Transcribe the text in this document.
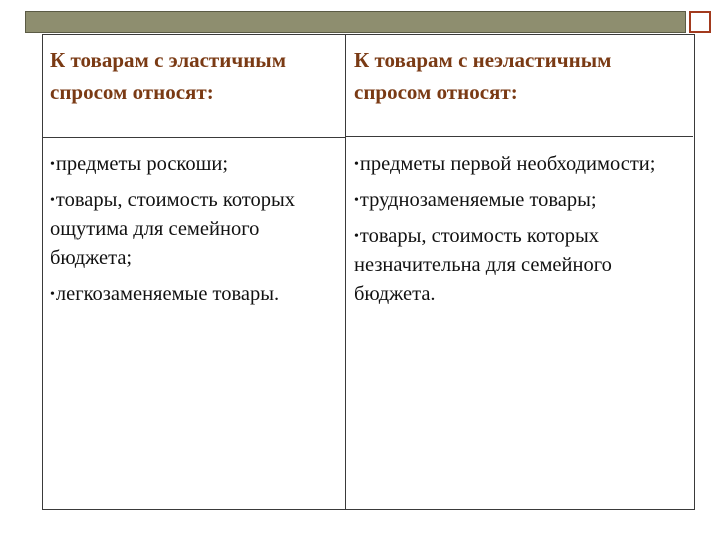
К товарам с эластичным спросом относят:
К товарам с неэластичным спросом относят:
•предметы роскоши;
•товары, стоимость которых ощутима для семейного бюджета;
•легкозаменяемые товары.
•предметы первой необходимости;
•труднозаменяемые товары;
•товары, стоимость которых незначительна для семейного бюджета.
